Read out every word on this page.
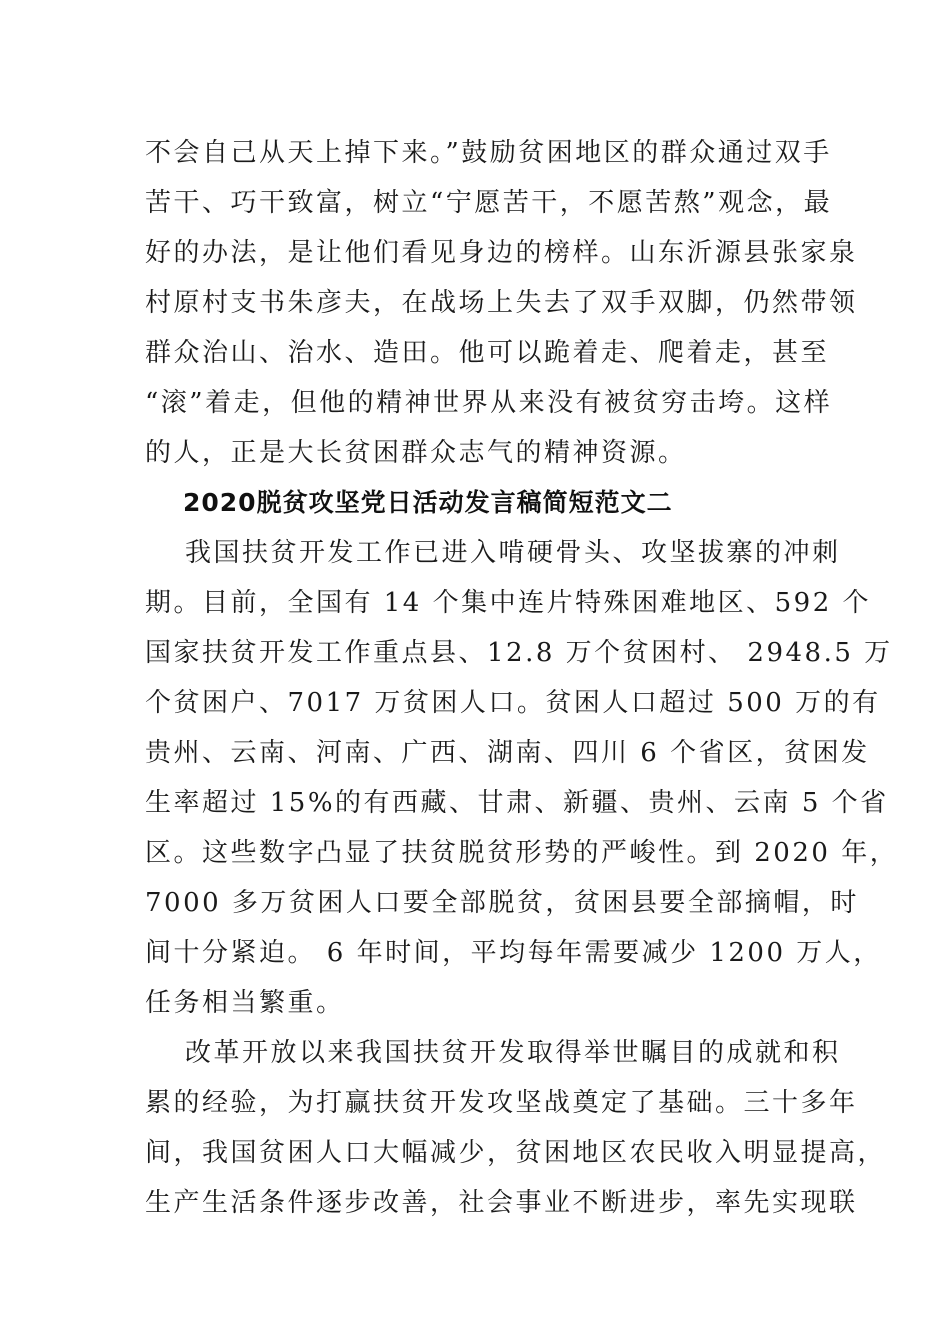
不会自己从天上掉下来。”鼓励贫困地区的群众通过双手
苦干、巧干致富，树立“宁愿苦干，不愿苦熬”观念，最
好的办法，是让他们看见身边的榜样。山东沂源县张家泉
村原村支书朱彦夫，在战场上失去了双手双脚，仍然带领
群众治山、治水、造田。他可以跪着走、爬着走，甚至
“滚”着走，但他的精神世界从来没有被贫穷击垮。这样
的人，正是大长贫困群众志气的精神资源。
2020脱贫攻坚党日活动发言稿简短范文二
我国扶贫开发工作已进入啃硬骨头、攻坚拔寨的冲刺
期。目前，全国有 14 个集中连片特殊困难地区、592 个
国家扶贫开发工作重点县、12.8 万个贫困村、 2948.5 万
个贫困户、7017 万贫困人口。贫困人口超过 500 万的有
贵州、云南、河南、广西、湖南、四川 6 个省区，贫困发
生率超过 15%的有西藏、甘肃、新疆、贵州、云南 5 个省
区。这些数字凸显了扶贫脱贫形势的严峻性。到 2020 年，
7000 多万贫困人口要全部脱贫，贫困县要全部摘帽，时
间十分紧迫。 6 年时间，平均每年需要减少 1200 万人，
任务相当繁重。
改革开放以来我国扶贫开发取得举世瞩目的成就和积
累的经验，为打赢扶贫开发攻坚战奠定了基础。三十多年
间，我国贫困人口大幅减少，贫困地区农民收入明显提高，
生产生活条件逐步改善，社会事业不断进步，率先实现联
